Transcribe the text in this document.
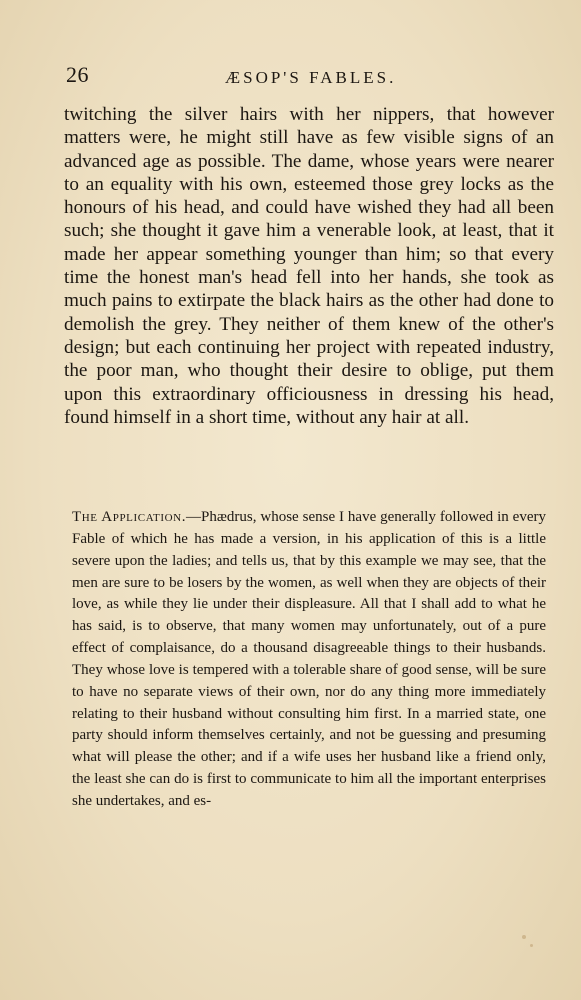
26	ÆSOP'S FABLES.

twitching the silver hairs with her nippers, that however matters were, he might still have as few visible signs of an advanced age as possible. The dame, whose years were nearer to an equality with his own, esteemed those grey locks as the honours of his head, and could have wished they had all been such; she thought it gave him a venerable look, at least, that it made her appear something younger than him; so that every time the honest man's head fell into her hands, she took as much pains to extirpate the black hairs as the other had done to demolish the grey. They neither of them knew of the other's design; but each continuing her project with repeated industry, the poor man, who thought their desire to oblige, put them upon this extraordinary officiousness in dressing his head, found himself in a short time, without any hair at all.

The Application.—Phædrus, whose sense I have generally followed in every Fable of which he has made a version, in his application of this is a little severe upon the ladies; and tells us, that by this example we may see, that the men are sure to be losers by the women, as well when they are objects of their love, as while they lie under their displeasure. All that I shall add to what he has said, is to observe, that many women may unfortunately, out of a pure effect of complaisance, do a thousand disagreeable things to their husbands. They whose love is tempered with a tolerable share of good sense, will be sure to have no separate views of their own, nor do any thing more immediately relating to their husband without consulting him first. In a married state, one party should inform themselves certainly, and not be guessing and presuming what will please the other; and if a wife uses her husband like a friend only, the least she can do is first to communicate to him all the important enterprises she undertakes, and es-
